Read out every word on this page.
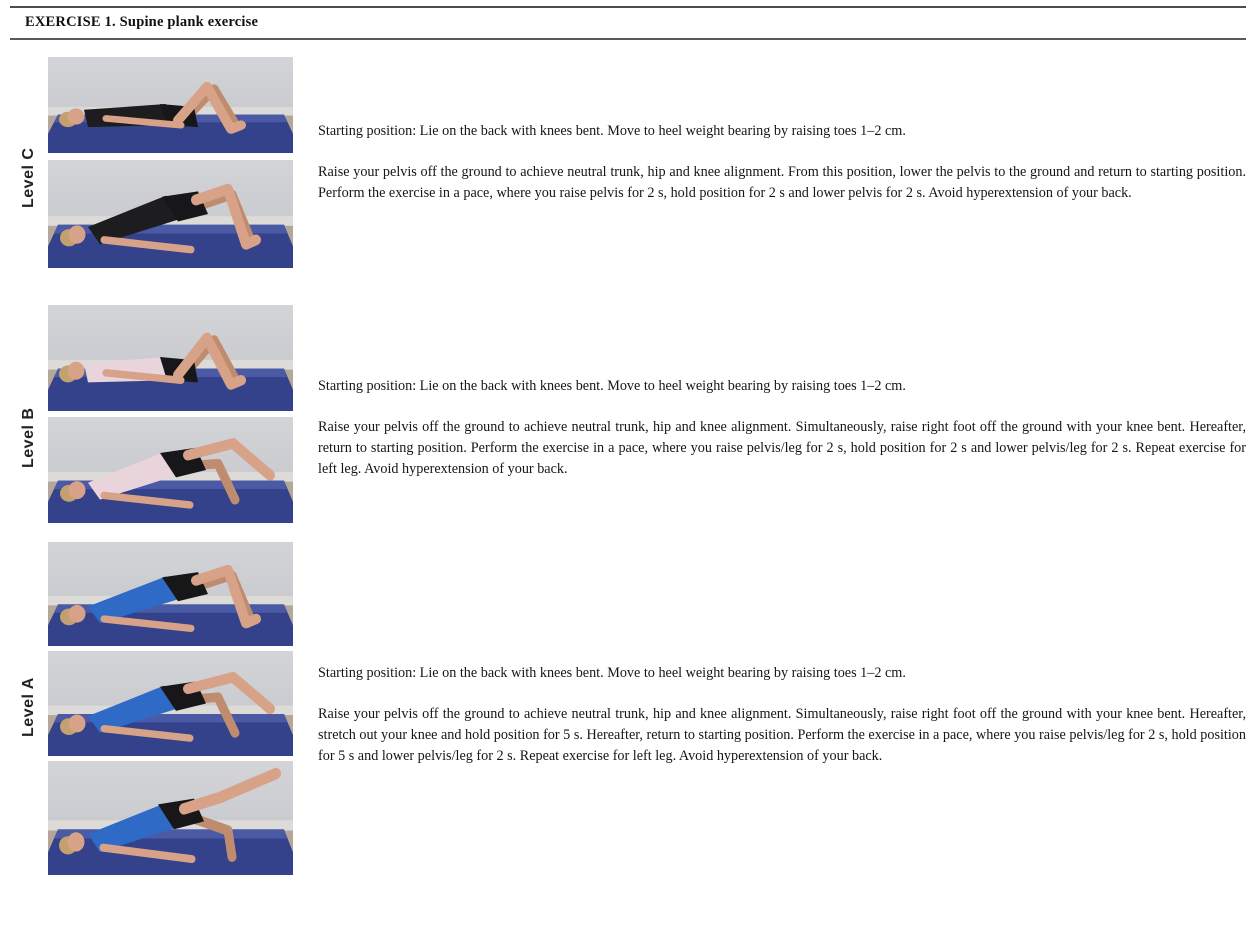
EXERCISE 1. Supine plank exercise
Level C

Starting position: Lie on the back with knees bent. Move to heel weight bearing by raising toes 1–2 cm.

Raise your pelvis off the ground to achieve neutral trunk, hip and knee alignment. From this position, lower the pelvis to the ground and return to starting position. Perform the exercise in a pace, where you raise pelvis for 2 s, hold position for 2 s and lower pelvis for 2 s. Avoid hyperextension of your back.

Level B

Starting position: Lie on the back with knees bent. Move to heel weight bearing by raising toes 1–2 cm.

Raise your pelvis off the ground to achieve neutral trunk, hip and knee alignment. Simultaneously, raise right foot off the ground with your knee bent. Hereafter, return to starting position. Perform the exercise in a pace, where you raise pelvis/leg for 2 s, hold position for 2 s and lower pelvis/leg for 2 s. Repeat exercise for left leg. Avoid hyperextension of your back.

Level A

Starting position: Lie on the back with knees bent. Move to heel weight bearing by raising toes 1–2 cm.

Raise your pelvis off the ground to achieve neutral trunk, hip and knee alignment. Simultaneously, raise right foot off the ground with your knee bent. Hereafter, stretch out your knee and hold position for 5 s. Hereafter, return to starting position. Perform the exercise in a pace, where you raise pelvis/leg for 2 s, hold position for 5 s and lower pelvis/leg for 2 s. Repeat exercise for left leg. Avoid hyperextension of your back.
